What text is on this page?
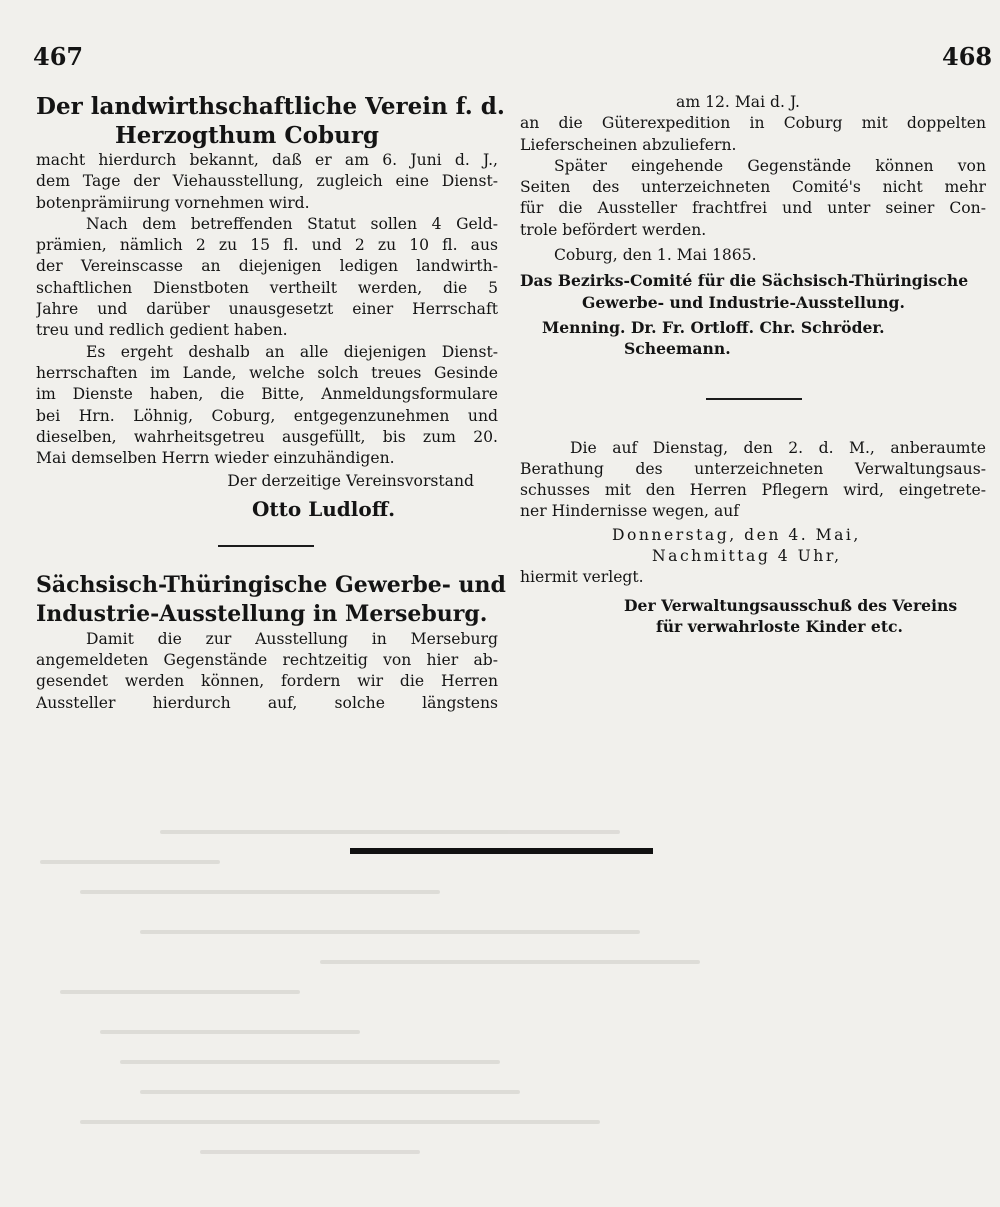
467	468
Der landwirthschaftliche Verein f. d.
Herzogthum Coburg
macht hierdurch bekannt, daß er am 6. Juni d. J.,
dem Tage der Viehausstellung, zugleich eine Dienst-
botenprämiirung vornehmen wird.
Nach dem betreffenden Statut sollen 4 Geld-
prämien, nämlich 2 zu 15 fl. und 2 zu 10 fl. aus
der Vereinscasse an diejenigen ledigen landwirth-
schaftlichen Dienstboten vertheilt werden, die 5
Jahre und darüber unausgesetzt einer Herrschaft
treu und redlich gedient haben.
Es ergeht deshalb an alle diejenigen Dienst-
herrschaften im Lande, welche solch treues Gesinde
im Dienste haben, die Bitte, Anmeldungsformulare
bei Hrn. Löhnig, Coburg, entgegenzunehmen und
dieselben, wahrheitsgetreu ausgefüllt, bis zum 20.
Mai demselben Herrn wieder einzuhändigen.
Der derzeitige Vereinsvorstand
Otto Ludloff.
Sächsisch-Thüringische Gewerbe- und
Industrie-Ausstellung in Merseburg.
Damit die zur Ausstellung in Merseburg
angemeldeten Gegenstände rechtzeitig von hier ab-
gesendet werden können, fordern wir die Herren
Aussteller hierdurch auf, solche längstens
am 12. Mai d. J.
an die Güterexpedition in Coburg mit doppelten
Lieferscheinen abzuliefern.
Später eingehende Gegenstände können von
Seiten des unterzeichneten Comité's nicht mehr
für die Aussteller frachtfrei und unter seiner Con-
trole befördert werden.
Coburg, den 1. Mai 1865.
Das Bezirks-Comité für die Sächsisch-Thüringische
Gewerbe- und Industrie-Ausstellung.
Menning. Dr. Fr. Ortloff. Chr. Schröder.
Scheemann.
Die auf Dienstag, den 2. d. M., anberaumte
Berathung des unterzeichneten Verwaltungsaus-
schusses mit den Herren Pflegern wird, eingetrete-
ner Hindernisse wegen, auf
Donnerstag, den 4. Mai,
Nachmittag 4 Uhr,
hiermit verlegt.
Der Verwaltungsausschuß des Vereins
für verwahrloste Kinder etc.
